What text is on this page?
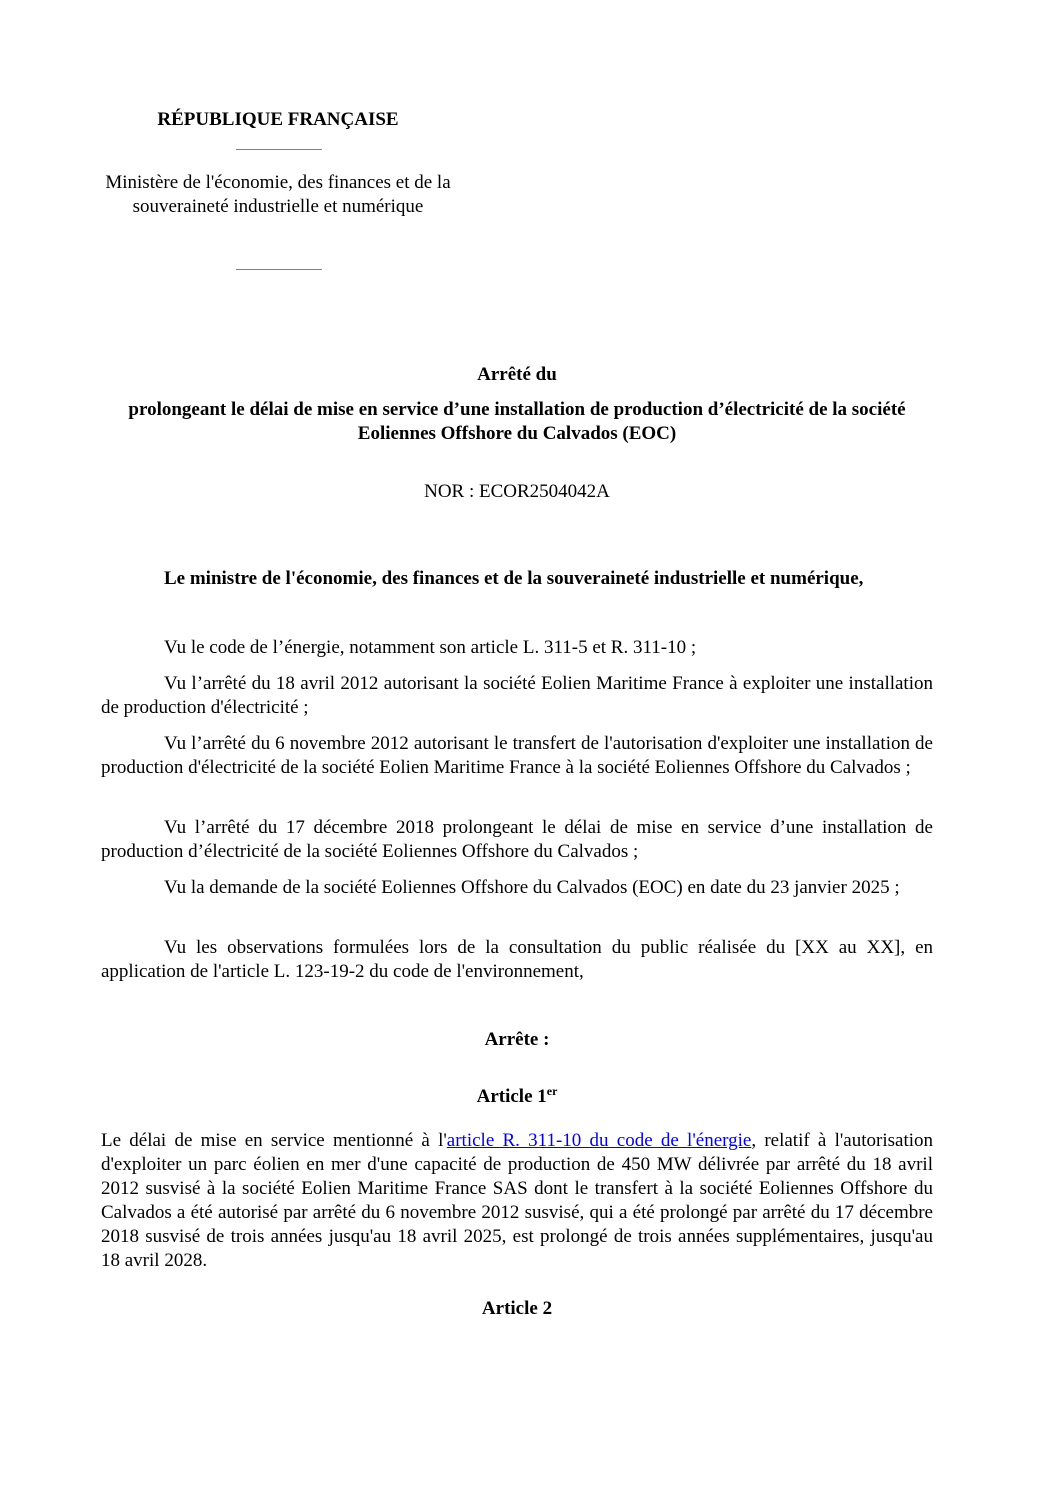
RÉPUBLIQUE FRANÇAISE
Ministère de l'économie, des finances et de la souveraineté industrielle et numérique
Arrêté du
prolongeant le délai de mise en service d’une installation de production d’électricité de la société Eoliennes Offshore du Calvados (EOC)
NOR : ECOR2504042A
Le ministre de l'économie, des finances et de la souveraineté industrielle et numérique,
Vu le code de l’énergie, notamment son article L. 311-5 et R. 311-10 ;
Vu l’arrêté du 18 avril 2012 autorisant la société Eolien Maritime France à exploiter une installation de production d'électricité ;
Vu l’arrêté du 6 novembre 2012 autorisant le transfert de l'autorisation d'exploiter une installation de production d'électricité de la société Eolien Maritime France à la société Eoliennes Offshore du Calvados ;
Vu l’arrêté du 17 décembre 2018 prolongeant le délai de mise en service d’une installation de production d’électricité de la société Eoliennes Offshore du Calvados ;
Vu la demande de la société Eoliennes Offshore du Calvados (EOC) en date du 23 janvier 2025 ;
Vu les observations formulées lors de la consultation du public réalisée du [XX au XX], en application de l'article L. 123-19-2 du code de l'environnement,
Arrête :
Article 1er
Le délai de mise en service mentionné à l'article R. 311-10 du code de l'énergie, relatif à l'autorisation d'exploiter un parc éolien en mer d'une capacité de production de 450 MW délivrée par arrêté du 18 avril 2012 susvisé à la société Eolien Maritime France SAS dont le transfert à la société Eoliennes Offshore du Calvados a été autorisé par arrêté du 6 novembre 2012 susvisé, qui a été prolongé par arrêté du 17 décembre 2018 susvisé de trois années jusqu'au 18 avril 2025, est prolongé de trois années supplémentaires, jusqu'au 18 avril 2028.
Article 2
